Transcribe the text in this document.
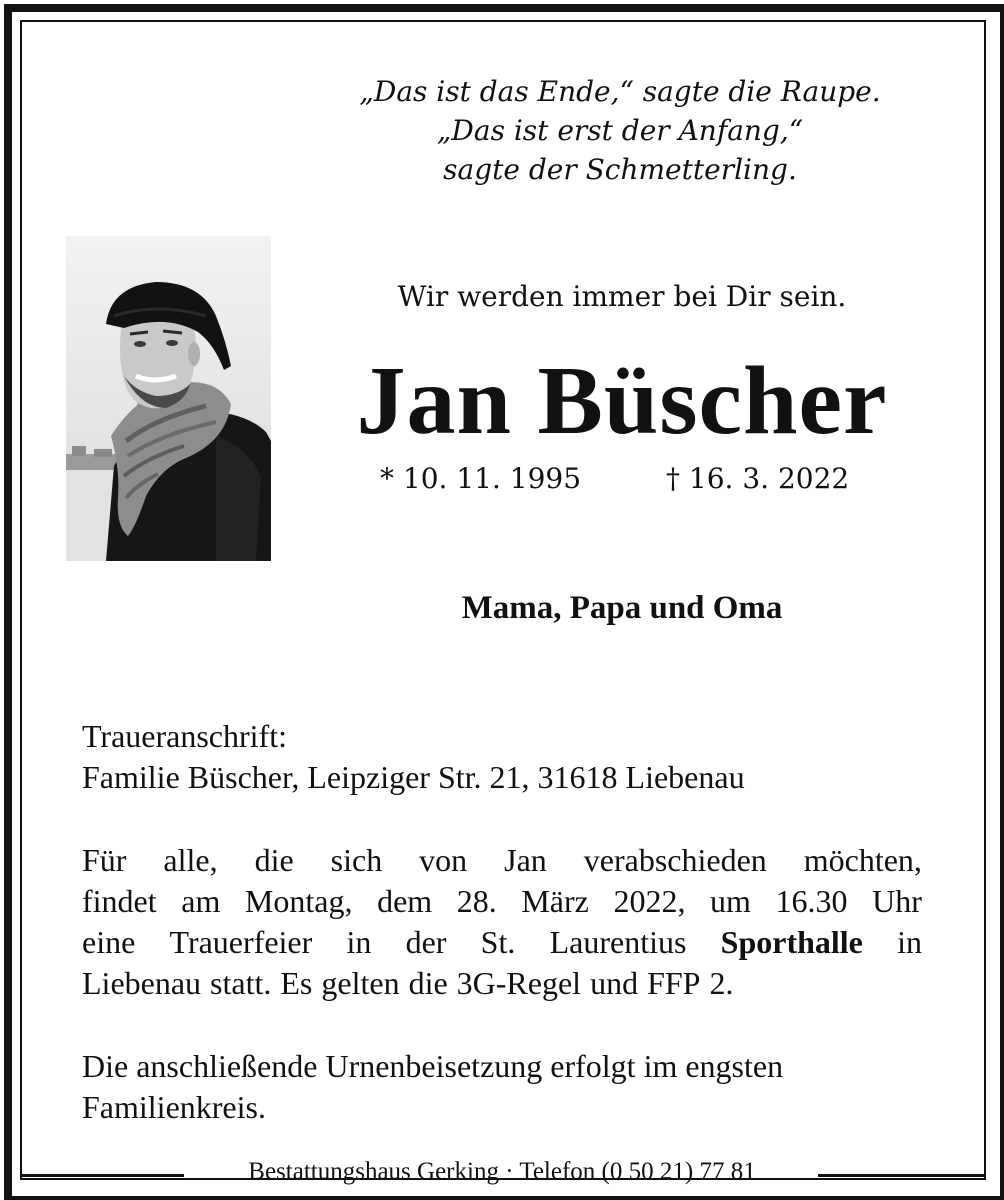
„Das ist das Ende,“ sagte die Raupe.
„Das ist erst der Anfang,“
sagte der Schmetterling.
Wir werden immer bei Dir sein.
Jan Büscher
* 10. 11. 1995	† 16. 3. 2022
Mama, Papa und Oma
Traueranschrift:
Familie Büscher, Leipziger Str. 21, 31618 Liebenau
Für alle, die sich von Jan verabschieden möchten,
findet am Montag, dem 28. März 2022, um 16.30 Uhr
eine Trauerfeier in der St. Laurentius Sporthalle in
Liebenau statt. Es gelten die 3G-Regel und FFP 2.
Die anschließende Urnenbeisetzung erfolgt im engsten
Familienkreis.
Bestattungshaus Gerking · Telefon (0 50 21) 77 81
